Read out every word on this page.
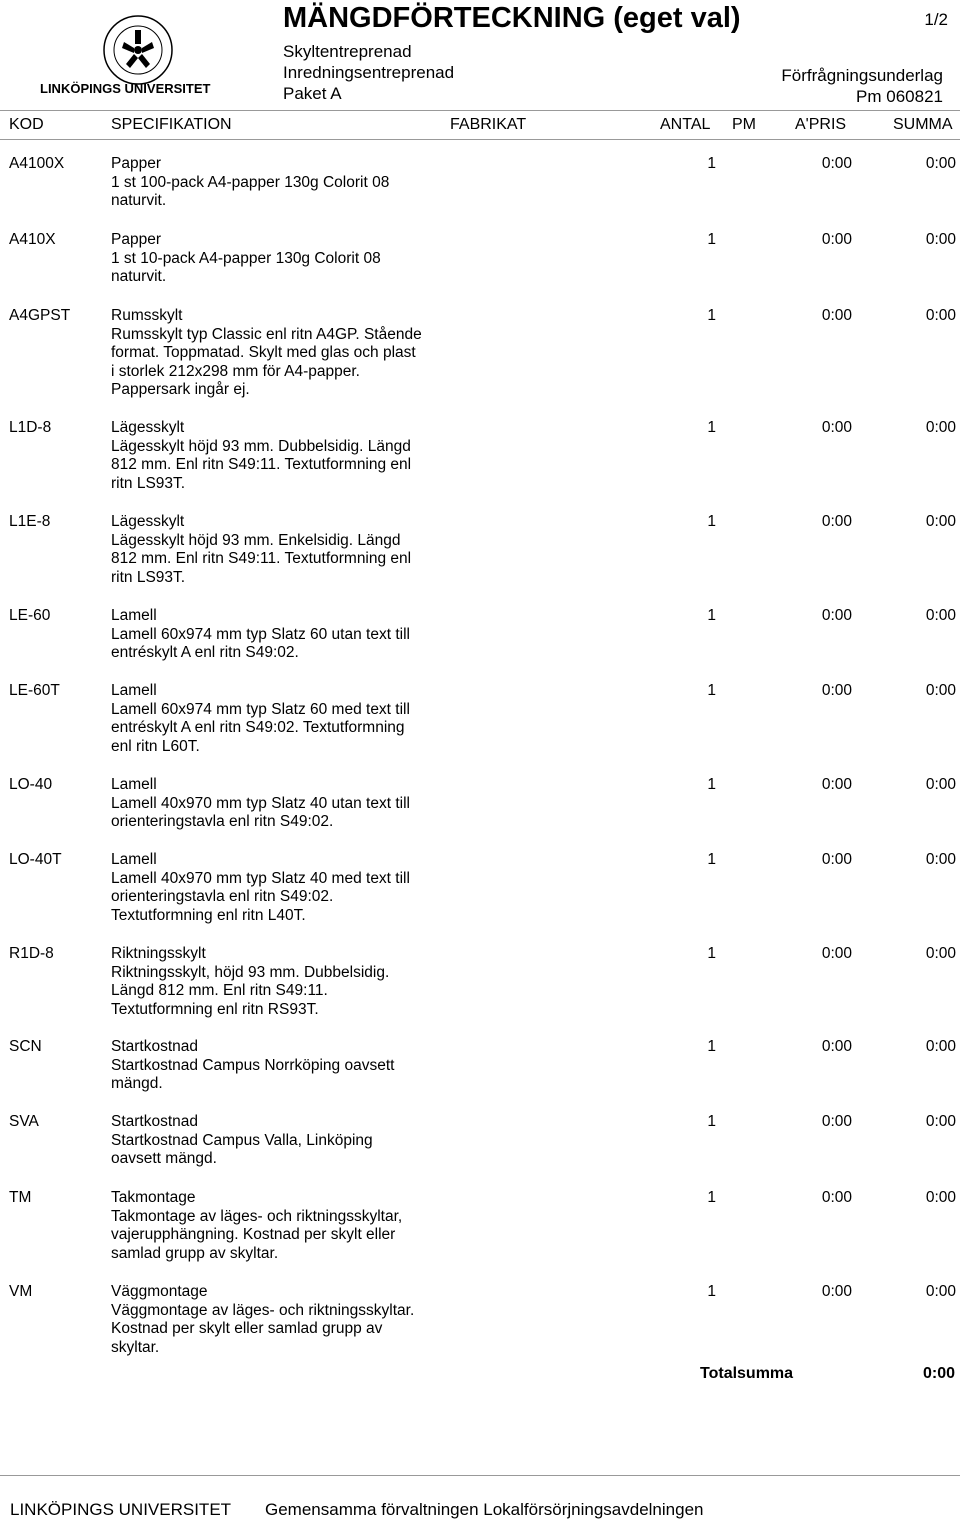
LINKÖPINGS UNIVERSITET
MÄNGDFÖRTECKNING (eget val)	1/2
Skyltentreprenad
Inredningsentreprenad
Paket A
Förfrågningsunderlag
Pm 060821
KOD	SPECIFIKATION	FABRIKAT	ANTAL PM A'PRIS	SUMMA
A4100X	Papper
1 st 100-pack A4-papper 130g Colorit 08
naturvit.
1	0:00	0:00
A410X	Papper
1 st 10-pack A4-papper 130g Colorit 08
naturvit.
1	0:00	0:00
A4GPST	Rumsskylt
Rumsskylt typ Classic enl ritn A4GP. Stående
format. Toppmatad. Skylt med glas och plast
i storlek 212x298 mm för A4-papper.
Pappersark ingår ej.
1	0:00	0:00
L1D-8	Lägesskylt
Lägesskylt höjd 93 mm. Dubbelsidig. Längd
812 mm. Enl ritn S49:11. Textutformning enl
ritn LS93T.
1	0:00	0:00
L1E-8	Lägesskylt
Lägesskylt höjd 93 mm. Enkelsidig. Längd
812 mm. Enl ritn S49:11. Textutformning enl
ritn LS93T.
1	0:00	0:00
LE-60	Lamell
Lamell 60x974 mm typ Slatz 60 utan text till
entréskylt A enl ritn S49:02.
1	0:00	0:00
LE-60T	Lamell
Lamell 60x974 mm typ Slatz 60 med text till
entréskylt A enl ritn S49:02. Textutformning
enl ritn L60T.
1	0:00	0:00
LO-40	Lamell
Lamell 40x970 mm typ Slatz 40 utan text till
orienteringstavla enl ritn S49:02.
1	0:00	0:00
LO-40T	Lamell
Lamell 40x970 mm typ Slatz 40 med text till
orienteringstavla enl ritn S49:02.
Textutformning enl ritn L40T.
1	0:00	0:00
R1D-8	Riktningsskylt
Riktningsskylt, höjd 93 mm. Dubbelsidig.
Längd 812 mm. Enl ritn S49:11.
Textutformning enl ritn RS93T.
1	0:00	0:00
SCN	Startkostnad
Startkostnad Campus Norrköping oavsett
mängd.
1	0:00	0:00
SVA	Startkostnad
Startkostnad Campus Valla, Linköping
oavsett mängd.
1	0:00	0:00
TM	Takmontage
Takmontage av läges- och riktningsskyltar,
vajerupphängning. Kostnad per skylt eller
samlad grupp av skyltar.
1	0:00	0:00
VM	Väggmontage
Väggmontage av läges- och riktningsskyltar.
Kostnad per skylt eller samlad grupp av
skyltar.
1	0:00	0:00
Totalsumma	0:00
LINKÖPINGS UNIVERSITET Gemensamma förvaltningen Lokalförsörjningsavdelningen
